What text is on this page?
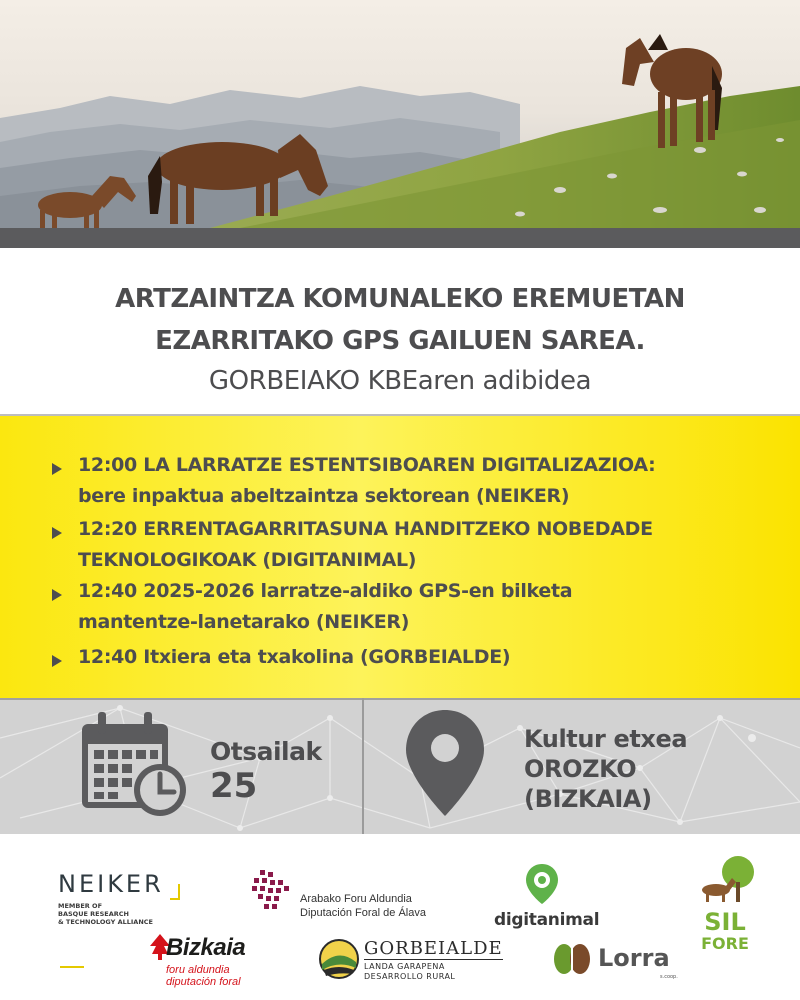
ARTZAINTZA KOMUNALEKO EREMUETAN
EZARRITAKO GPS GAILUEN SAREA.
GORBEIAKO KBEaren adibidea
12:00 LA LARRATZE ESTENTSIBOAREN DIGITALIZAZIOA:
bere inpaktua abeltzaintza sektorean (NEIKER)
12:20 ERRENTAGARRITASUNA HANDITZEKO NOBEDADE
TEKNOLOGIKOAK (DIGITANIMAL)
12:40 2025-2026 larratze-aldiko GPS-en bilketa
mantentze-lanetarako (NEIKER)
12:40 Itxiera eta txakolina (GORBEIALDE)
Otsailak
25
Kultur etxea
OROZKO
(BIZKAIA)
NEIKER
MEMBER OF
BASQUE RESEARCH
& TECHNOLOGY ALLIANCE
Arabako Foru Aldundia
Diputación Foral de Álava	digitanimal	SIL
FORE
Bizkaia
foru aldundia
diputación foral
GORBEIALDE
LANDA GARAPENA
DESARROLLO RURAL
Lorra
s.coop.
